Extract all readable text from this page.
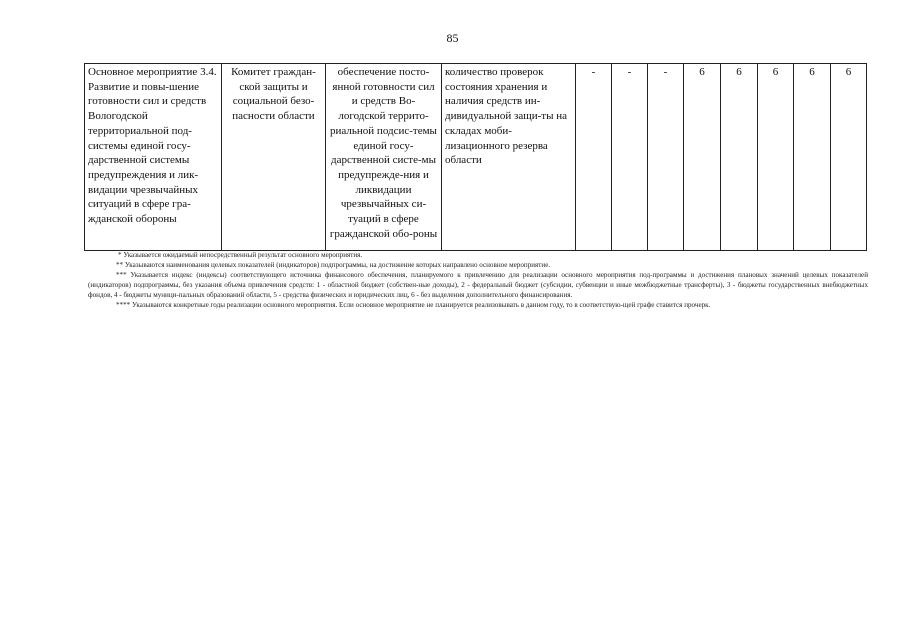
85
Основное мероприятие 3.4. Развитие и повы-шение готовности сил и средств Вологодской территориальной под-системы единой госу-дарственной системы предупреждения и лик-видации чрезвычайных ситуаций в сфере гра-жданской обороны	Комитет граждан-ской защиты и социальной безо-пасности области	обеспечение посто-янной готовности сил и средств Во-логодской террито-риальной подсис-темы единой госу-дарственной систе-мы предупрежде-ния и ликвидации чрезвычайных си-туаций в сфере гражданской обо-роны	количество проверок состояния хранения и наличия средств ин-дивидуальной защи-ты на складах моби-лизационного резерва области	-	-	-	6	6	6	6	6

* Указывается ожидаемый непосредственный результат основного мероприятия.

** Указываются наименования целевых показателей (индикаторов) подпрограммы, на достижение которых направлено основное мероприятие.

*** Указывается индекс (индексы) соответствующего источника финансового обеспечения, планируемого к привлечению для реализации основного мероприятия под-программы и достижения плановых значений целевых показателей (индикаторов) подпрограммы, без указания объема привлечения средств: 1 - областной бюджет (собствен-ные доходы), 2 - федеральный бюджет (субсидии, субвенции и иные межбюджетные трансферты), 3 - бюджеты государственных внебюджетных фондов, 4 - бюджеты муници-пальных образований области, 5 - средства физических и юридических лиц, 6 - без выделения дополнительного финансирования.

**** Указываются конкретные годы реализации основного мероприятия. Если основное мероприятие не планируется реализовывать в данном году, то в соответствую-щей графе ставится прочерк.
